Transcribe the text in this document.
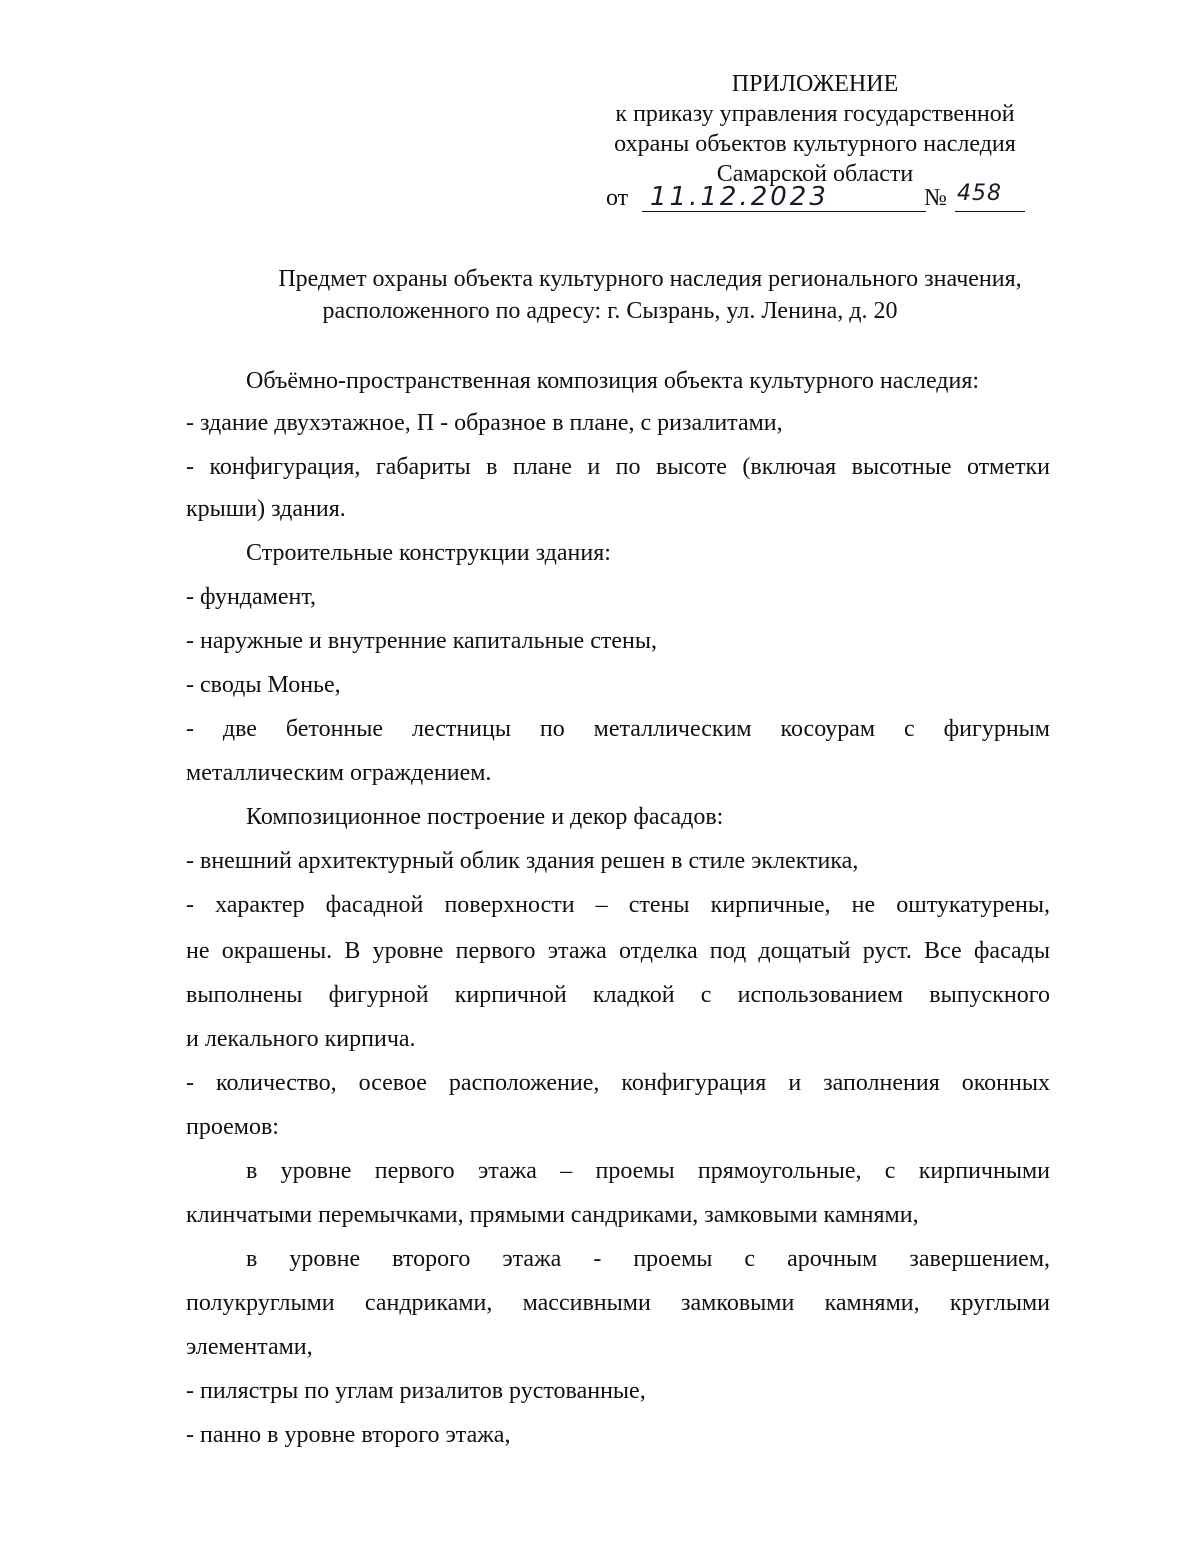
ПРИЛОЖЕНИЕ
к приказу управления государственной
охраны объектов культурного наследия
Самарской области
от 11.12.2023	№ 458
Предмет охраны объекта культурного наследия регионального значения,
расположенного по адресу: г. Сызрань, ул. Ленина, д. 20
Объёмно-пространственная композиция объекта культурного наследия:
- здание двухэтажное, П - образное в плане, с ризалитами,
- конфигурация, габариты в плане и по высоте (включая высотные отметки
крыши) здания.
Строительные конструкции здания:
- фундамент,
- наружные и внутренние капитальные стены,
- своды Монье,
- две бетонные лестницы по металлическим косоурам с фигурным
металлическим ограждением.
Композиционное построение и декор фасадов:
- внешний архитектурный облик здания решен в стиле эклектика,
- характер фасадной поверхности – стены кирпичные, не оштукатурены,
не окрашены. В уровне первого этажа отделка под дощатый руст. Все фасады
выполнены фигурной кирпичной кладкой с использованием выпускного
и лекального кирпича.
- количество, осевое расположение, конфигурация и заполнения оконных
проемов:
в уровне первого этажа – проемы прямоугольные, с кирпичными
клинчатыми перемычками, прямыми сандриками, замковыми камнями,
в уровне второго этажа - проемы с арочным завершением,
полукруглыми сандриками, массивными замковыми камнями, круглыми
элементами,
- пилястры по углам ризалитов рустованные,
- панно в уровне второго этажа,
